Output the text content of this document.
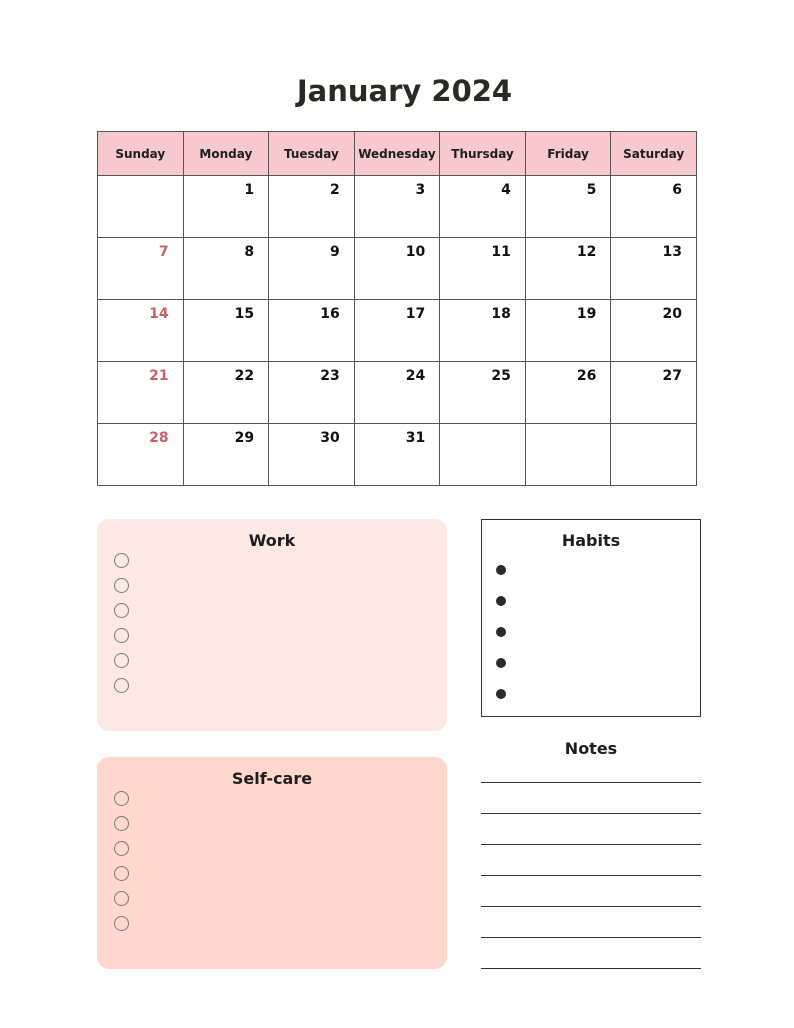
January 2024
Sunday	Monday	Tuesday	Wednesday	Thursday	Friday	Saturday
	1	2	3	4	5	6
7	8	9	10	11	12	13
14	15	16	17	18	19	20
21	22	23	24	25	26	27
28	29	30	31			
Work
Self-care
Habits
Notes
